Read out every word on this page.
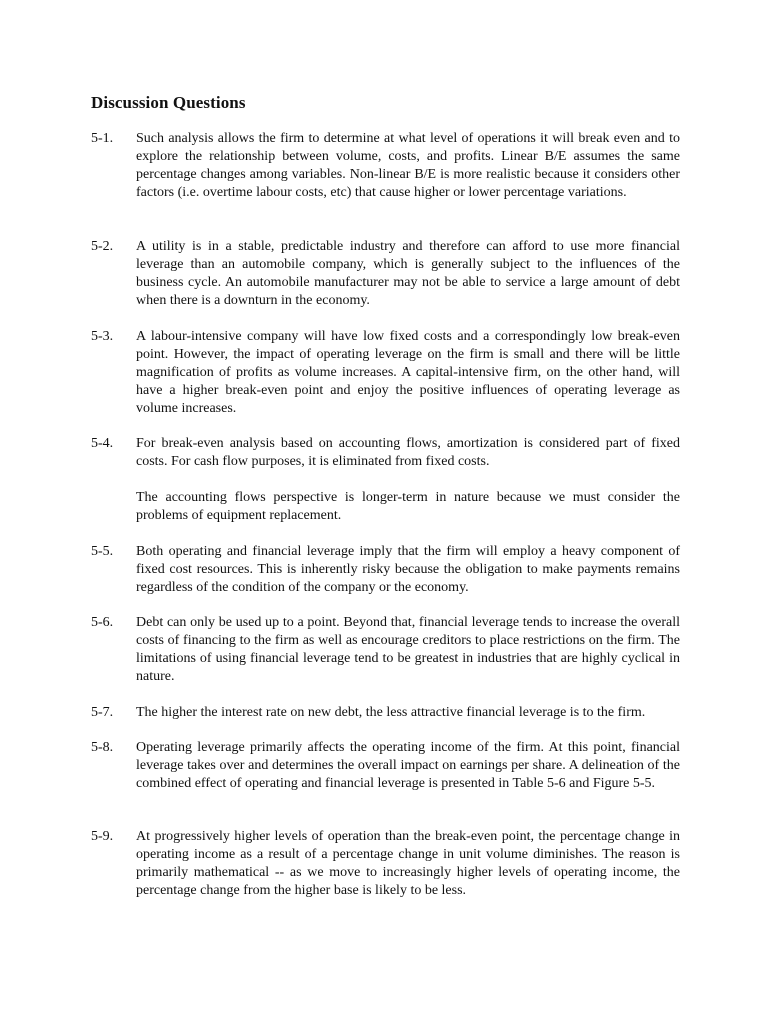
Discussion Questions
5-1.	Such analysis allows the firm to determine at what level of operations it will break even and to explore the relationship between volume, costs, and profits. Linear B/E assumes the same percentage changes among variables. Non-linear B/E is more realistic because it considers other factors (i.e. overtime labour costs, etc) that cause higher or lower percentage variations.

5-2.	A utility is in a stable, predictable industry and therefore can afford to use more financial leverage than an automobile company, which is generally subject to the influences of the business cycle. An automobile manufacturer may not be able to service a large amount of debt when there is a downturn in the economy.

5-3.	A labour-intensive company will have low fixed costs and a correspondingly low break-even point. However, the impact of operating leverage on the firm is small and there will be little magnification of profits as volume increases. A capital-intensive firm, on the other hand, will have a higher break-even point and enjoy the positive influences of operating leverage as volume increases.

5-4.	For break-even analysis based on accounting flows, amortization is considered part of fixed costs. For cash flow purposes, it is eliminated from fixed costs.

The accounting flows perspective is longer-term in nature because we must consider the problems of equipment replacement.

5-5.	Both operating and financial leverage imply that the firm will employ a heavy component of fixed cost resources. This is inherently risky because the obligation to make payments remains regardless of the condition of the company or the economy.

5-6.	Debt can only be used up to a point. Beyond that, financial leverage tends to increase the overall costs of financing to the firm as well as encourage creditors to place restrictions on the firm. The limitations of using financial leverage tend to be greatest in industries that are highly cyclical in nature.

5-7.	The higher the interest rate on new debt, the less attractive financial leverage is to the firm.

5-8.	Operating leverage primarily affects the operating income of the firm. At this point, financial leverage takes over and determines the overall impact on earnings per share. A delineation of the combined effect of operating and financial leverage is presented in Table 5-6 and Figure 5-5.

5-9.	At progressively higher levels of operation than the break-even point, the percentage change in operating income as a result of a percentage change in unit volume diminishes. The reason is primarily mathematical -- as we move to increasingly higher levels of operating income, the percentage change from the higher base is likely to be less.
